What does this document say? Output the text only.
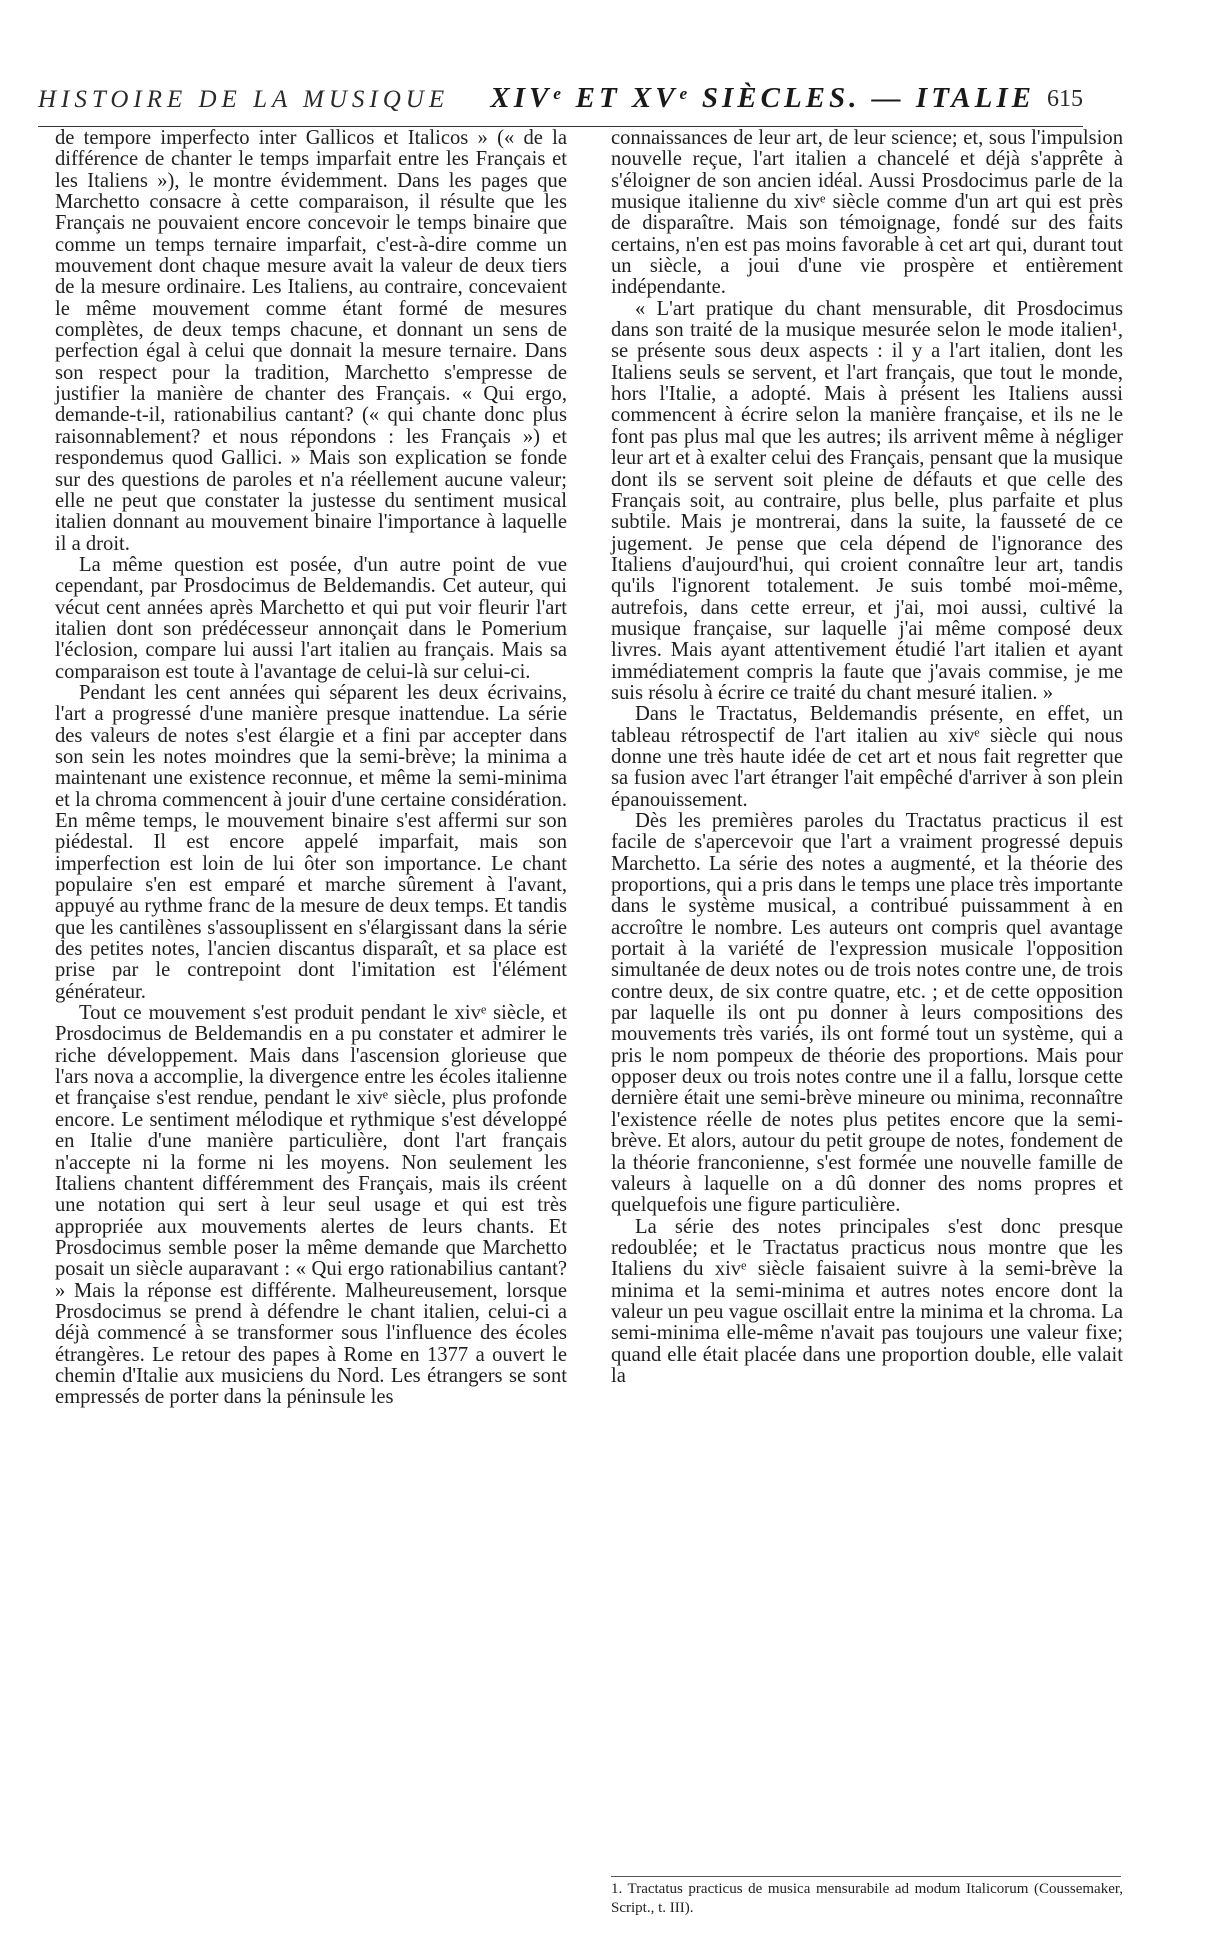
HISTOIRE DE LA MUSIQUE XIVᵉ ET XVᵉ SIÈCLES. — ITALIE 615

de tempore imperfecto inter Gallicos et Italicos » (« de la différence de chanter le temps imparfait entre les Français et les Italiens »), le montre évidemment. Dans les pages que Marchetto consacre à cette comparaison, il résulte que les Français ne pouvaient encore concevoir le temps binaire que comme un temps ternaire imparfait, c'est-à-dire comme un mouvement dont chaque mesure avait la valeur de deux tiers de la mesure ordinaire. Les Italiens, au contraire, concevaient le même mouvement comme étant formé de mesures complètes, de deux temps chacune, et donnant un sens de perfection égal à celui que donnait la mesure ternaire. Dans son respect pour la tradition, Marchetto s'empresse de justifier la manière de chanter des Français. « Qui ergo, demande-t-il, rationabilius cantant? (« qui chante donc plus raisonnablement? et nous répondons : les Français ») et respondemus quod Gallici. » Mais son explication se fonde sur des questions de paroles et n'a réellement aucune valeur; elle ne peut que constater la justesse du sentiment musical italien donnant au mouvement binaire l'importance à laquelle il a droit.

La même question est posée, d'un autre point de vue cependant, par Prosdocimus de Beldemandis. Cet auteur, qui vécut cent années après Marchetto et qui put voir fleurir l'art italien dont son prédécesseur annonçait dans le Pomerium l'éclosion, compare lui aussi l'art italien au français. Mais sa comparaison est toute à l'avantage de celui-là sur celui-ci.

Pendant les cent années qui séparent les deux écrivains, l'art a progressé d'une manière presque inattendue. La série des valeurs de notes s'est élargie et a fini par accepter dans son sein les notes moindres que la semi-brève; la minima a maintenant une existence reconnue, et même la semi-minima et la chroma commencent à jouir d'une certaine considération. En même temps, le mouvement binaire s'est affermi sur son piédestal. Il est encore appelé imparfait, mais son imperfection est loin de lui ôter son importance. Le chant populaire s'en est emparé et marche sûrement à l'avant, appuyé au rythme franc de la mesure de deux temps. Et tandis que les cantilènes s'assouplissent en s'élargissant dans la série des petites notes, l'ancien discantus disparaît, et sa place est prise par le contrepoint dont l'imitation est l'élément générateur.

Tout ce mouvement s'est produit pendant le xivᵉ siècle, et Prosdocimus de Beldemandis en a pu constater et admirer le riche développement. Mais dans l'ascension glorieuse que l'ars nova a accomplie, la divergence entre les écoles italienne et française s'est rendue, pendant le xivᵉ siècle, plus profonde encore. Le sentiment mélodique et rythmique s'est développé en Italie d'une manière particulière, dont l'art français n'accepte ni la forme ni les moyens. Non seulement les Italiens chantent différemment des Français, mais ils créent une notation qui sert à leur seul usage et qui est très appropriée aux mouvements alertes de leurs chants. Et Prosdocimus semble poser la même demande que Marchetto posait un siècle auparavant : « Qui ergo rationabilius cantant? » Mais la réponse est différente. Malheureusement, lorsque Prosdocimus se prend à défendre le chant italien, celui-ci a déjà commencé à se transformer sous l'influence des écoles étrangères. Le retour des papes à Rome en 1377 a ouvert le chemin d'Italie aux musiciens du Nord. Les étrangers se sont empressés de porter dans la péninsule les

connaissances de leur art, de leur science; et, sous l'impulsion nouvelle reçue, l'art italien a chancelé et déjà s'apprête à s'éloigner de son ancien idéal. Aussi Prosdocimus parle de la musique italienne du xivᵉ siècle comme d'un art qui est près de disparaître. Mais son témoignage, fondé sur des faits certains, n'en est pas moins favorable à cet art qui, durant tout un siècle, a joui d'une vie prospère et entièrement indépendante.

« L'art pratique du chant mensurable, dit Prosdocimus dans son traité de la musique mesurée selon le mode italien¹, se présente sous deux aspects : il y a l'art italien, dont les Italiens seuls se servent, et l'art français, que tout le monde, hors l'Italie, a adopté. Mais à présent les Italiens aussi commencent à écrire selon la manière française, et ils ne le font pas plus mal que les autres; ils arrivent même à négliger leur art et à exalter celui des Français, pensant que la musique dont ils se servent soit pleine de défauts et que celle des Français soit, au contraire, plus belle, plus parfaite et plus subtile. Mais je montrerai, dans la suite, la fausseté de ce jugement. Je pense que cela dépend de l'ignorance des Italiens d'aujourd'hui, qui croient connaître leur art, tandis qu'ils l'ignorent totalement. Je suis tombé moi-même, autrefois, dans cette erreur, et j'ai, moi aussi, cultivé la musique française, sur laquelle j'ai même composé deux livres. Mais ayant attentivement étudié l'art italien et ayant immédiatement compris la faute que j'avais commise, je me suis résolu à écrire ce traité du chant mesuré italien. »

Dans le Tractatus, Beldemandis présente, en effet, un tableau rétrospectif de l'art italien au xivᵉ siècle qui nous donne une très haute idée de cet art et nous fait regretter que sa fusion avec l'art étranger l'ait empêché d'arriver à son plein épanouissement.

Dès les premières paroles du Tractatus practicus il est facile de s'apercevoir que l'art a vraiment progressé depuis Marchetto. La série des notes a augmenté, et la théorie des proportions, qui a pris dans le temps une place très importante dans le système musical, a contribué puissamment à en accroître le nombre. Les auteurs ont compris quel avantage portait à la variété de l'expression musicale l'opposition simultanée de deux notes ou de trois notes contre une, de trois contre deux, de six contre quatre, etc. ; et de cette opposition par laquelle ils ont pu donner à leurs compositions des mouvements très variés, ils ont formé tout un système, qui a pris le nom pompeux de théorie des proportions. Mais pour opposer deux ou trois notes contre une il a fallu, lorsque cette dernière était une semi-brève mineure ou minima, reconnaître l'existence réelle de notes plus petites encore que la semi-brève. Et alors, autour du petit groupe de notes, fondement de la théorie franconienne, s'est formée une nouvelle famille de valeurs à laquelle on a dû donner des noms propres et quelquefois une figure particulière.

La série des notes principales s'est donc presque redoublée; et le Tractatus practicus nous montre que les Italiens du xivᵉ siècle faisaient suivre à la semi-brève la minima et la semi-minima et autres notes encore dont la valeur un peu vague oscillait entre la minima et la chroma. La semi-minima elle-même n'avait pas toujours une valeur fixe; quand elle était placée dans une proportion double, elle valait la

1. Tractatus practicus de musica mensurabile ad modum Italicorum (Coussemaker, Script., t. III).
